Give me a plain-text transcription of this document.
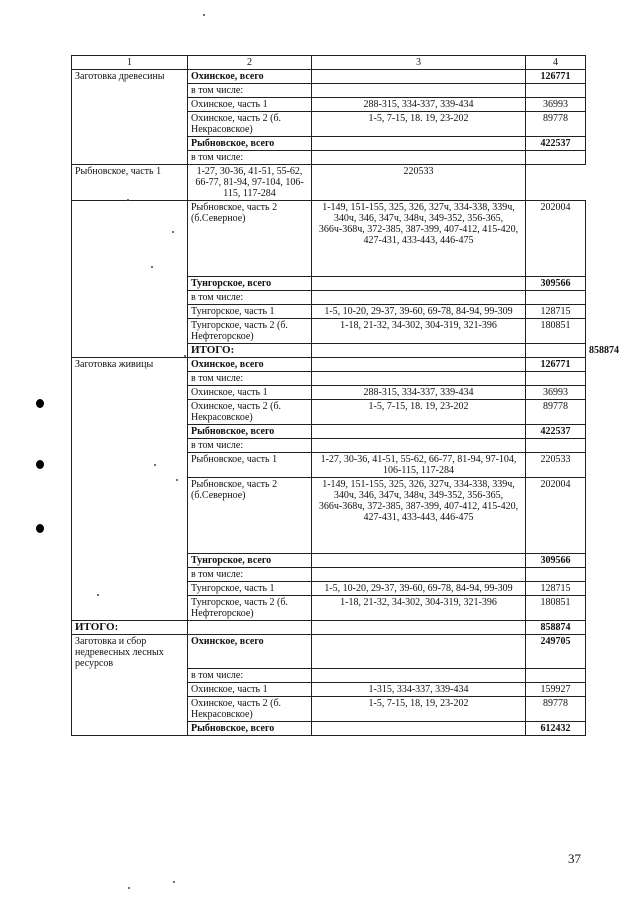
1	2	3	4	
Заготовка древесины	Охинское, всего		126771	
	в том числе:			
	Охинское, часть 1	288-315, 334-337, 339-434	36993	
	Охинское, часть 2 (б. Некрасовское)	1-5, 7-15, 18. 19, 23-202	89778	
	Рыбновское, всего		422537	
	в том числе:			
Рыбновское, часть 1	1-27, 30-36, 41-51, 55-62, 66-77, 81-94, 97-104, 106-115, 117-284	220533		
	Рыбновское, часть 2 (б.Северное)	1-149, 151-155, 325, 326, 327ч, 334-338, 339ч, 340ч, 346, 347ч, 348ч, 349-352, 356-365, 366ч-368ч, 372-385, 387-399, 407-412, 415-420, 427-431, 433-443, 446-475	202004	
	Тунгорское, всего		309566	
	в том числе:			
	Тунгорское, часть 1	1-5, 10-20, 29-37, 39-60, 69-78, 84-94, 99-309	128715	
	Тунгорское, часть 2 (б. Нефтегорское)	1-18, 21-32, 34-302, 304-319, 321-396	180851	
	ИТОГО:			858874
Заготовка живицы	Охинское, всего		126771	
	в том числе:			
	Охинское, часть 1	288-315, 334-337, 339-434	36993	
	Охинское, часть 2 (б. Некрасовское)	1-5, 7-15, 18. 19, 23-202	89778	
	Рыбновское, всего		422537	
	в том числе:			
	Рыбновское, часть 1	1-27, 30-36, 41-51, 55-62, 66-77, 81-94, 97-104, 106-115, 117-284	220533	
	Рыбновское, часть 2 (б.Северное)	1-149, 151-155, 325, 326, 327ч, 334-338, 339ч, 340ч, 346, 347ч, 348ч, 349-352, 356-365, 366ч-368ч, 372-385, 387-399, 407-412, 415-420, 427-431, 433-443, 446-475	202004	
	Тунгорское, всего		309566	
	в том числе:			
	Тунгорское, часть 1	1-5, 10-20, 29-37, 39-60, 69-78, 84-94, 99-309	128715	
	Тунгорское, часть 2 (б. Нефтегорское)	1-18, 21-32, 34-302, 304-319, 321-396	180851	
ИТОГО:			858874	
Заготовка и сбор недревесных лесных ресурсов	Охинское, всего		249705	
	в том числе:			
	Охинское, часть 1	1-315, 334-337, 339-434	159927	
	Охинское, часть 2 (б. Некрасовское)	1-5, 7-15, 18, 19, 23-202	89778	
	Рыбновское, всего		612432	
37
